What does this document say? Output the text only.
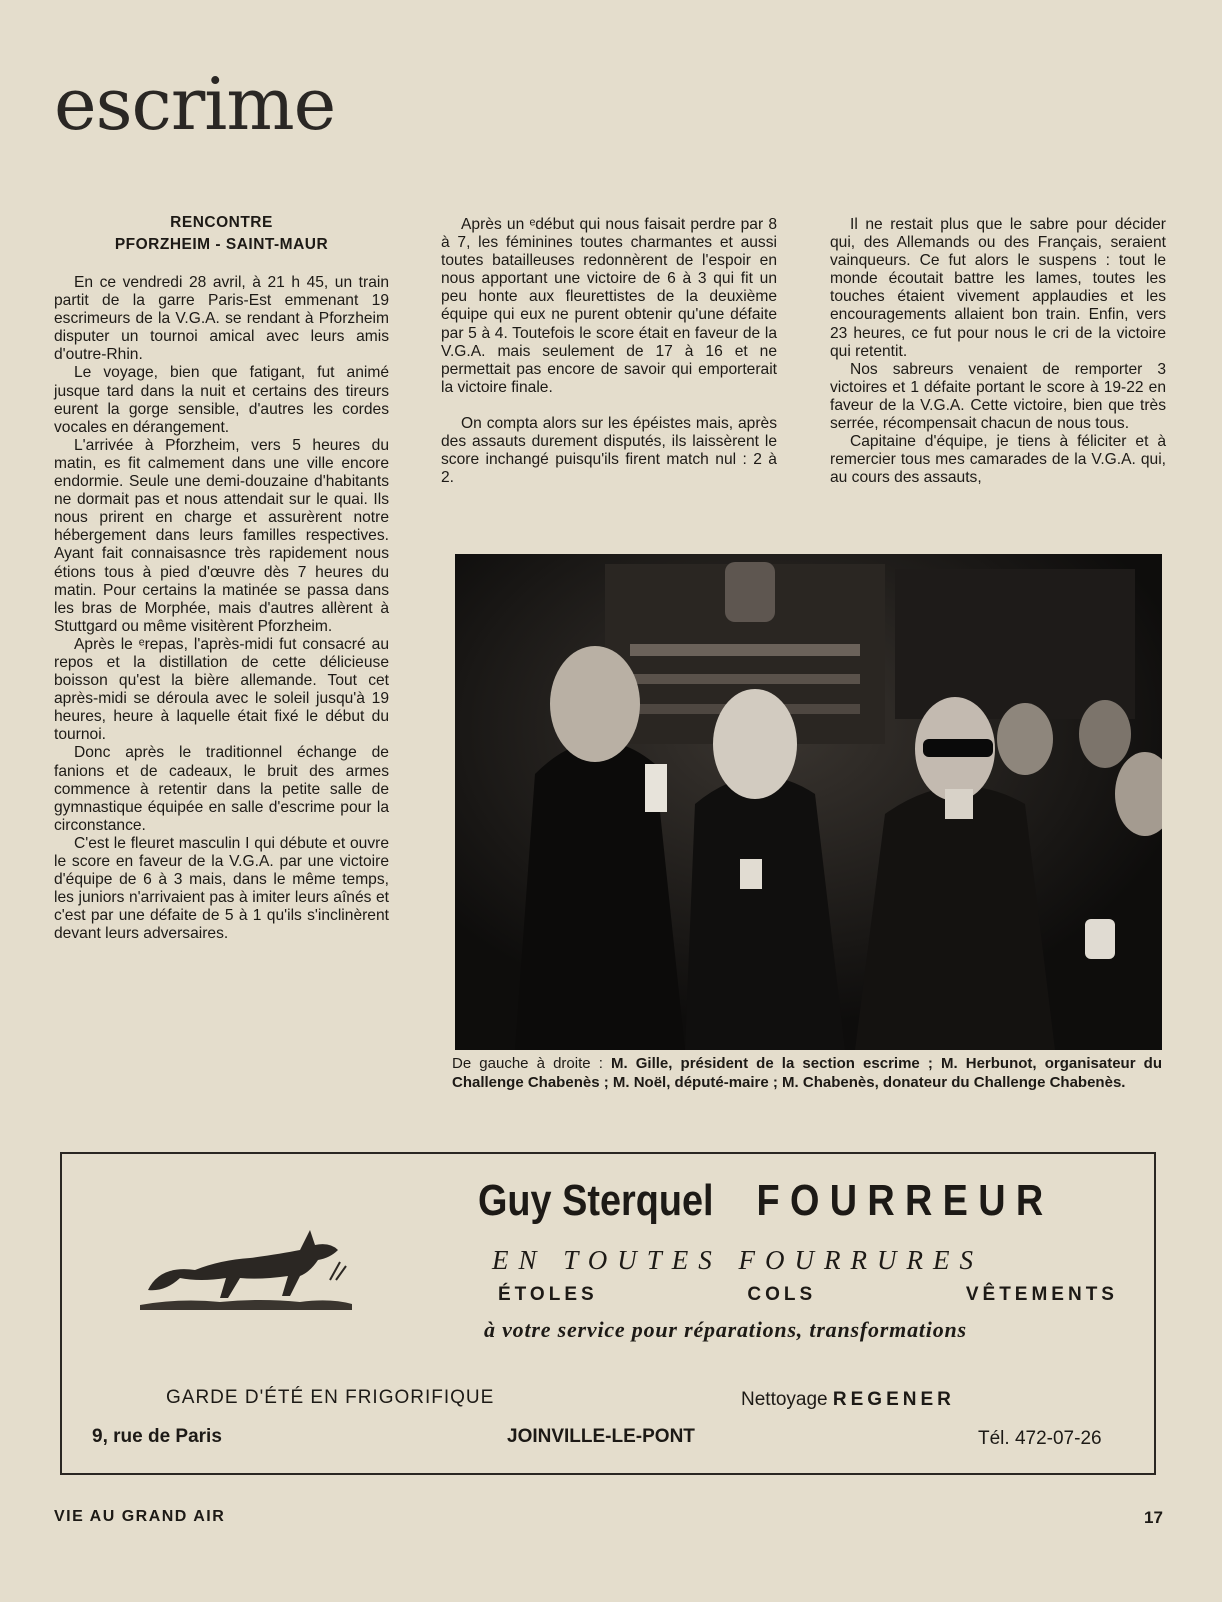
escrime
RENCONTRE
PFORZHEIM - SAINT-MAUR

En ce vendredi 28 avril, à 21 h 45, un train partit de la garre Paris-Est emmenant 19 escrimeurs de la V.G.A. se rendant à Pforzheim disputer un tournoi amical avec leurs amis d'outre-Rhin.

Le voyage, bien que fatigant, fut animé jusque tard dans la nuit et certains des tireurs eurent la gorge sensible, d'autres les cordes vocales en dérangement.

L'arrivée à Pforzheim, vers 5 heures du matin, es fit calmement dans une ville encore endormie. Seule une demi-douzaine d'habitants ne dormait pas et nous attendait sur le quai. Ils nous prirent en charge et assurèrent notre hébergement dans leurs familles respectives. Ayant fait connaisasnce très rapidement nous étions tous à pied d'œuvre dès 7 heures du matin. Pour certains la matinée se passa dans les bras de Morphée, mais d'autres allèrent à Stuttgard ou même visitèrent Pforzheim.

Après le ᵉrepas, l'après-midi fut consacré au repos et la distillation de cette délicieuse boisson qu'est la bière allemande. Tout cet après-midi se déroula avec le soleil jusqu'à 19 heures, heure à laquelle était fixé le début du tournoi.

Donc après le traditionnel échange de fanions et de cadeaux, le bruit des armes commence à retentir dans la petite salle de gymnastique équipée en salle d'escrime pour la circonstance.

C'est le fleuret masculin I qui débute et ouvre le score en faveur de la V.G.A. par une victoire d'équipe de 6 à 3 mais, dans le même temps, les juniors n'arrivaient pas à imiter leurs aînés et c'est par une défaite de 5 à 1 qu'ils s'inclinèrent devant leurs adversaires.

Après un ᵉdébut qui nous faisait perdre par 8 à 7, les féminines toutes charmantes et aussi toutes batailleuses redonnèrent de l'espoir en nous apportant une victoire de 6 à 3 qui fit un peu honte aux fleurettistes de la deuxième équipe qui eux ne purent obtenir qu'une défaite par 5 à 4. Toutefois le score était en faveur de la V.G.A. mais seulement de 17 à 16 et ne permettait pas encore de savoir qui emporterait la victoire finale.

On compta alors sur les épéistes mais, après des assauts durement disputés, ils laissèrent le score inchangé puisqu'ils firent match nul : 2 à 2.

Il ne restait plus que le sabre pour décider qui, des Allemands ou des Français, seraient vainqueurs. Ce fut alors le suspens : tout le monde écoutait battre les lames, toutes les touches étaient vivement applaudies et les encouragements allaient bon train. Enfin, vers 23 heures, ce fut pour nous le cri de la victoire qui retentit.

Nos sabreurs venaient de remporter 3 victoires et 1 défaite portant le score à 19-22 en faveur de la V.G.A. Cette victoire, bien que très serrée, récompensait chacun de nous tous.

Capitaine d'équipe, je tiens à féliciter et à remercier tous mes camarades de la V.G.A. qui, au cours des assauts,

De gauche à droite : M. Gille, président de la section escrime ; M. Herbunot, organisateur du Challenge Chabenès ; M. Noël, député-maire ; M. Chabenès, donateur du Challenge Chabenès.
Guy Sterquel FOURREUR
EN TOUTES FOURRURES
ÉTOLES	COLS	VÊTEMENTS
à votre service pour réparations, transformations
GARDE D'ÉTÉ EN FRIGORIFIQUE	Nettoyage REGENER
9, rue de Paris	JOINVILLE-LE-PONT	Tél. 472-07-26
VIE AU GRAND AIR	17
